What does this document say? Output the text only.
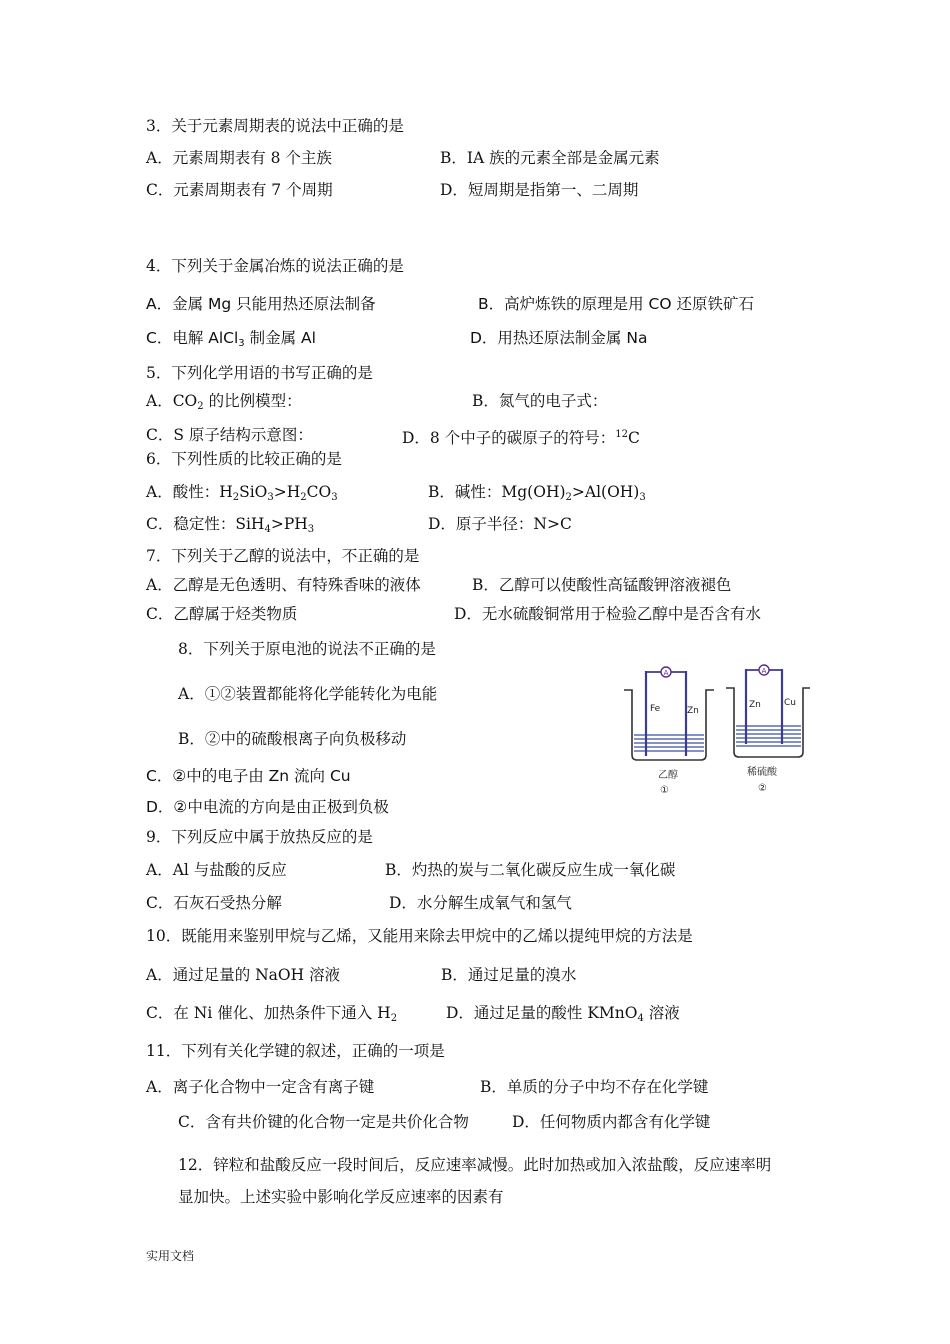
3．关于元素周期表的说法中正确的是
A．元素周期表有 8 个主族	B．ⅠA 族的元素全部是金属元素
C．元素周期表有 7 个周期	D．短周期是指第一、二周期
4．下列关于金属冶炼的说法正确的是
A．金属 Mg 只能用热还原法制备	B．高炉炼铁的原理是用 CO 还原铁矿石
C．电解 AlCl$_3$ 制金属 Al	D．用热还原法制金属 Na
5．下列化学用语的书写正确的是
A．$CO_2$ 的比例模型：	B．氮气的电子式：
C．S 原子结构示意图：	D．8 个中子的碳原子的符号：$^{12}$C
6．下列性质的比较正确的是
A．酸性：$H_2SiO_3>H_2CO_3$	B．碱性：$Mg(OH)_2>Al(OH)_3$
C．稳定性：$SiH_4>PH_3$	D．原子半径：N>C
7．下列关于乙醇的说法中，不正确的是
A．乙醇是无色透明、有特殊香味的液体	B．乙醇可以使酸性高锰酸钾溶液褪色
C．乙醇属于烃类物质	D．无水硫酸铜常用于检验乙醇中是否含有水
8．下列关于原电池的说法不正确的是
A．①②装置都能将化学能转化为电能
B．②中的硫酸根离子向负极移动
C．②中的电子由 Zn 流向 Cu
D．②中电流的方向是由正极到负极
A
Fe	Zn
乙醇
①
A
Zn	Cu
稀硫酸
②
9．下列反应中属于放热反应的是
A．Al 与盐酸的反应	B．灼热的炭与二氧化碳反应生成一氧化碳
C．石灰石受热分解	D．水分解生成氧气和氢气
10．既能用来鉴别甲烷与乙烯，又能用来除去甲烷中的乙烯以提纯甲烷的方法是
A．通过足量的 NaOH 溶液	B．通过足量的溴水
C．在 Ni 催化、加热条件下通入 $H_2$	D．通过足量的酸性 KMnO$_4$ 溶液
11．下列有关化学键的叙述，正确的一项是
A．离子化合物中一定含有离子键	B．单质的分子中均不存在化学键
C．含有共价键的化合物一定是共价化合物	D．任何物质内都含有化学键
12．锌粒和盐酸反应一段时间后，反应速率减慢。此时加热或加入浓盐酸，反应速率明
显加快。上述实验中影响化学反应速率的因素有
实用文档
